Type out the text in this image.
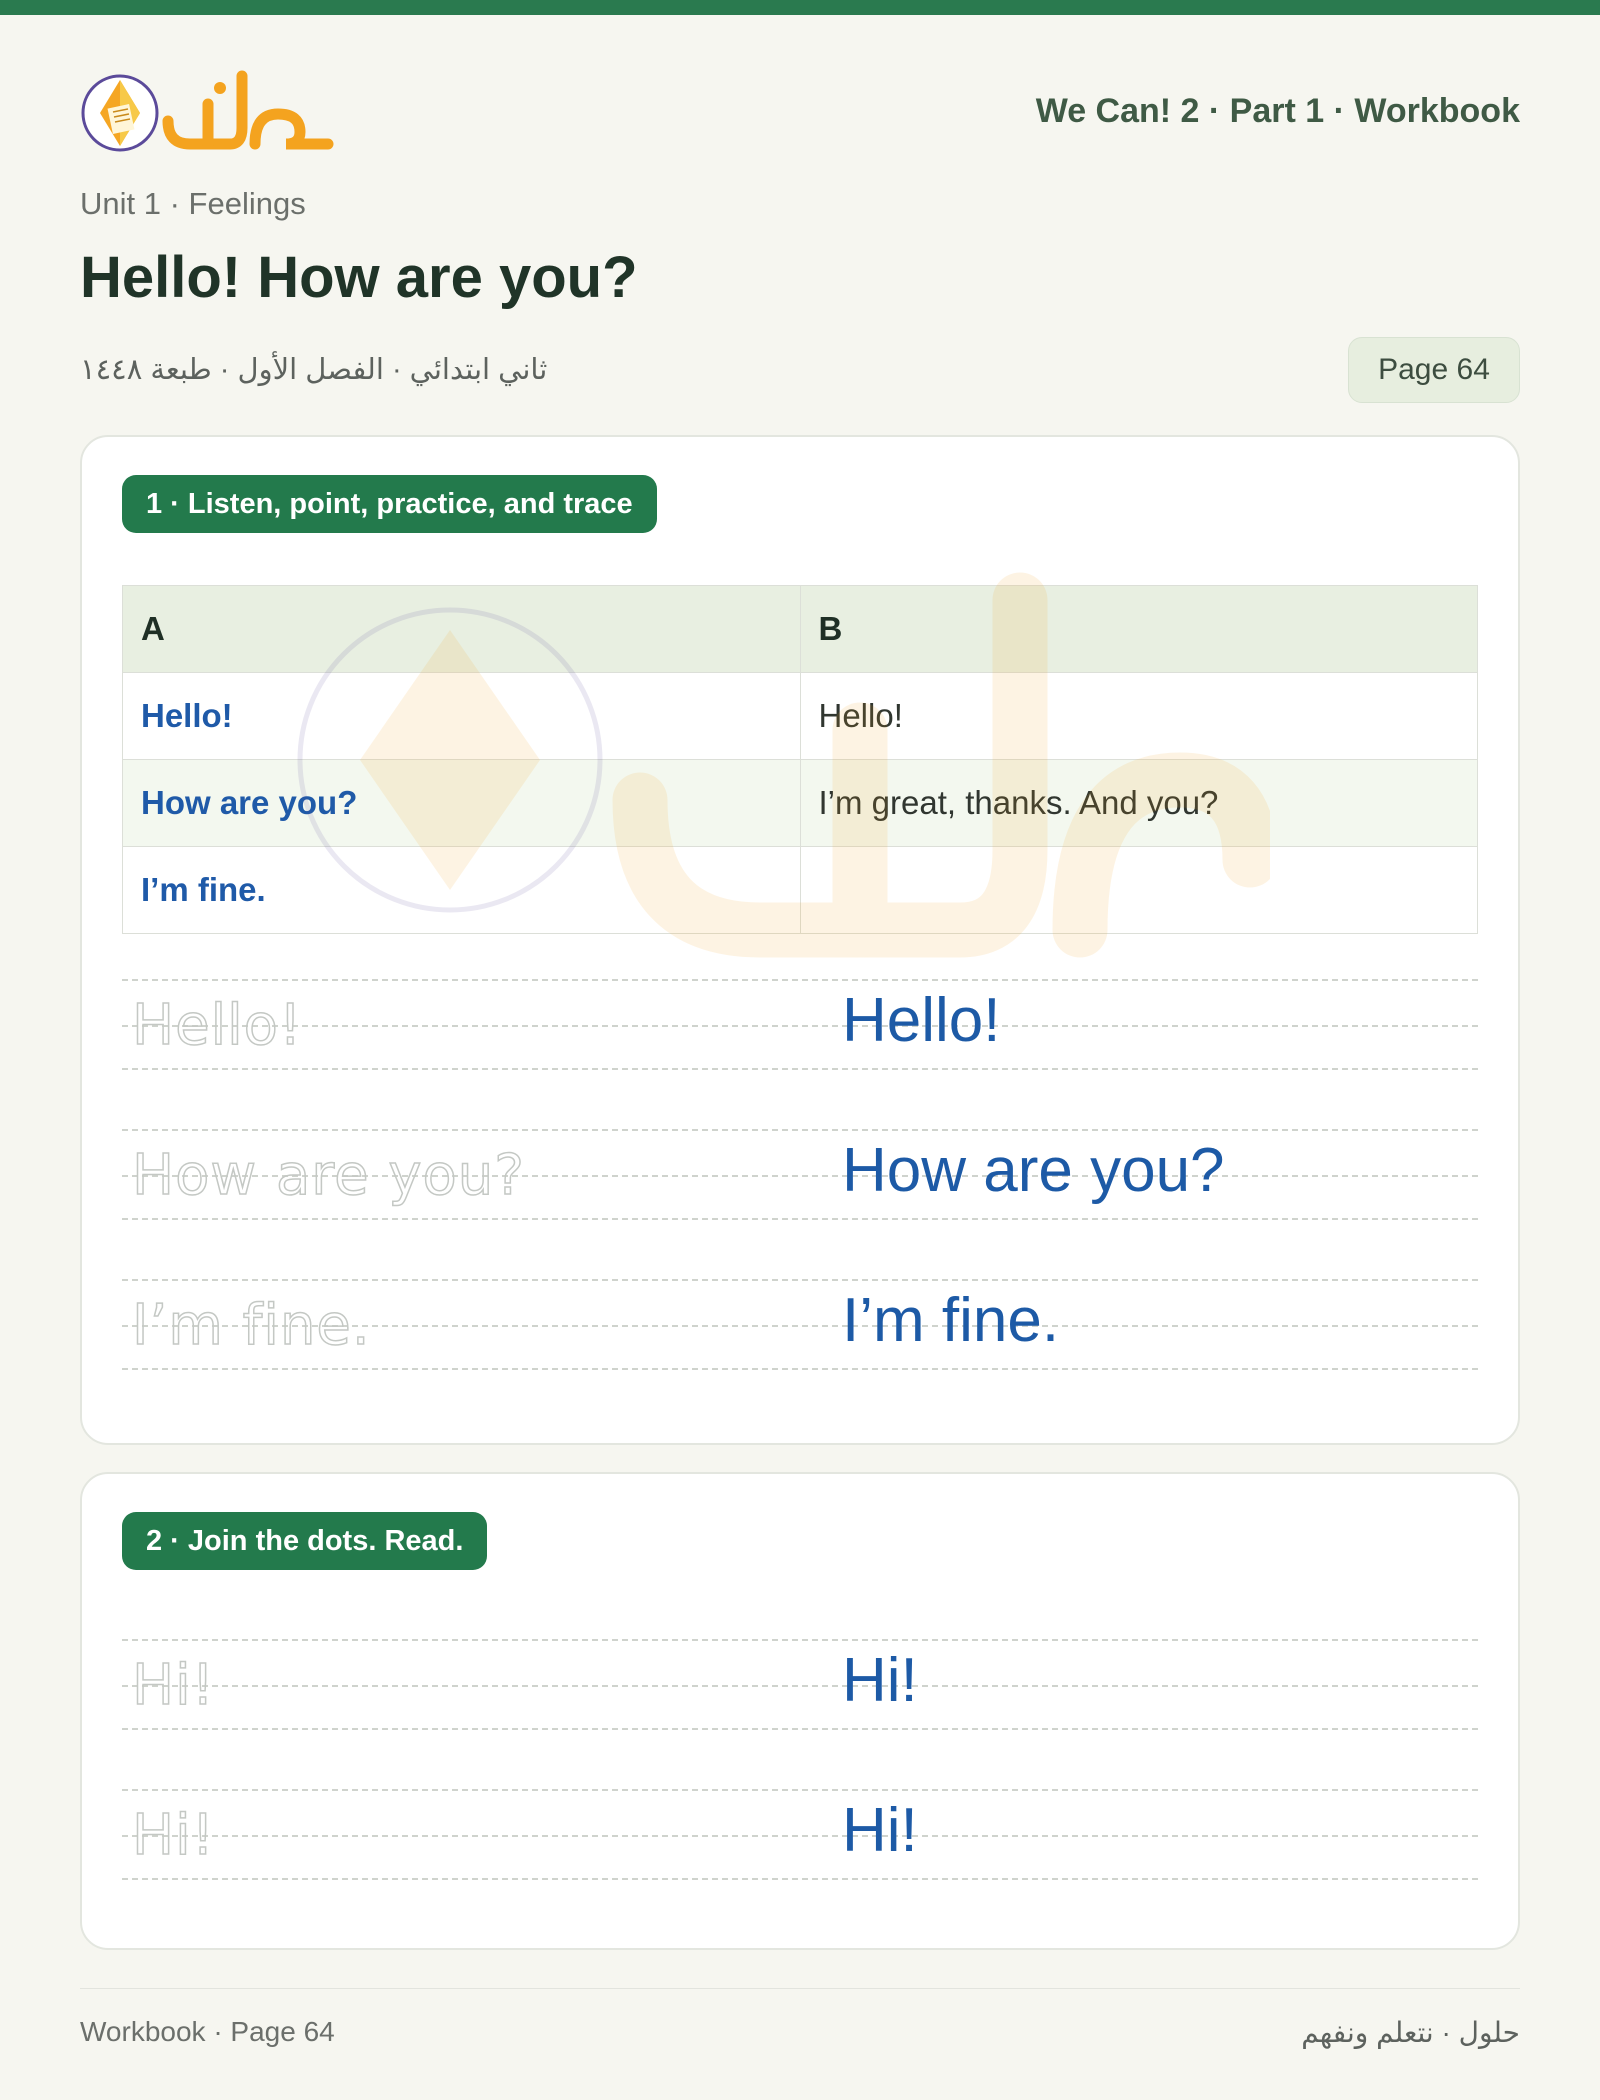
We Can! 2 · Part 1 · Workbook
Unit 1 · Feelings
Hello! How are you?
ثاني ابتدائي · الفصل الأول · طبعة ١٤٤٨	Page 64
1 · Listen, point, practice, and trace
A	B
Hello!	Hello!
How are you?	I’m great, thanks. And you?
I’m fine.	
Hello!	Hello!
How are you?	How are you?
I’m fine.	I’m fine.
2 · Join the dots. Read.
Hi!	Hi!
Hi!	Hi!
Workbook · Page 64	حلول · نتعلم ونفهم
